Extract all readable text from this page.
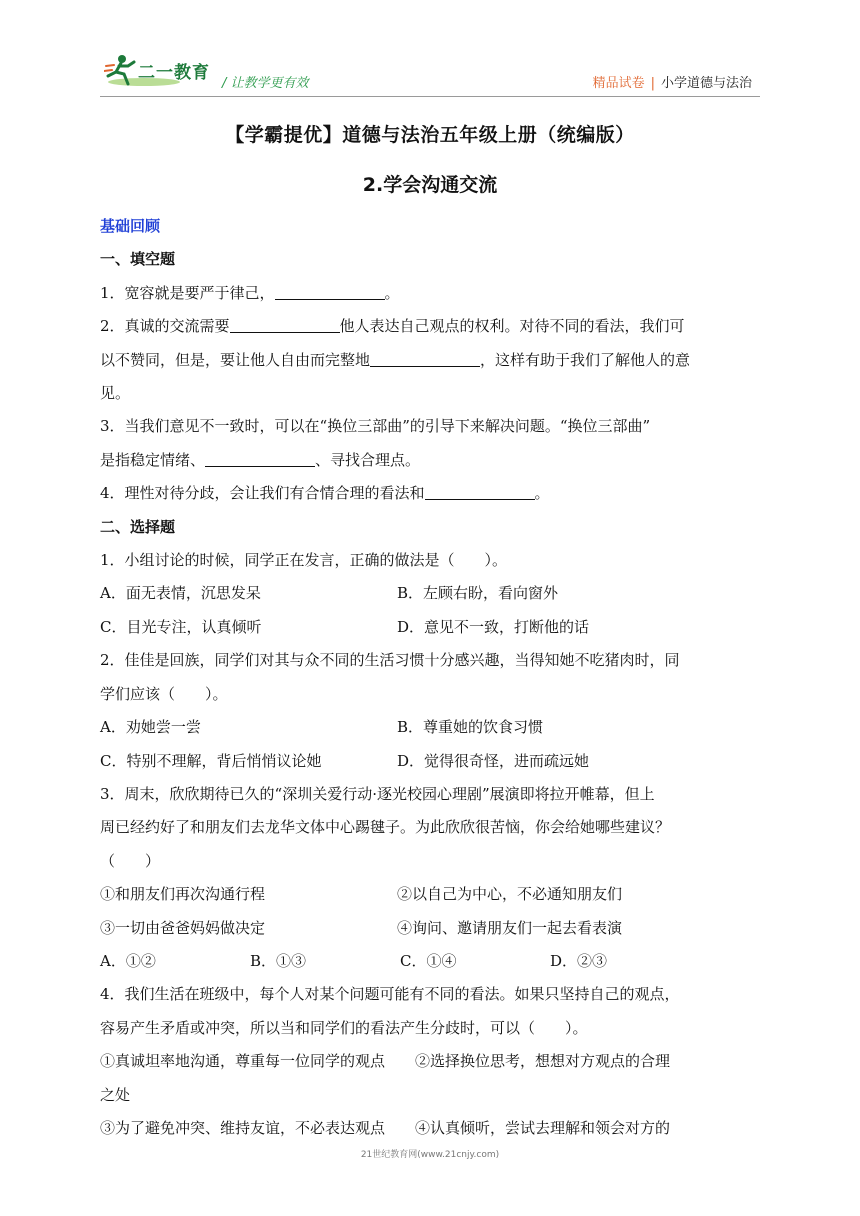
二一教育
/ 让教学更有效	精品试卷 | 小学道德与法治
【学霸提优】道德与法治五年级上册（统编版）
2.学会沟通交流

基础回顾

一、填空题

1．宽容就是要严于律己，	。

2．真诚的交流需要	他人表达自己观点的权利。对待不同的看法，我们可

以不赞同，但是，要让他人自由而完整地	，这样有助于我们了解他人的意

见。

3．当我们意见不一致时，可以在“换位三部曲”的引导下来解决问题。“换位三部曲”

是指稳定情绪、	、寻找合理点。

4．理性对待分歧，会让我们有合情合理的看法和	。

二、选择题

1．小组讨论的时候，同学正在发言，正确的做法是（　　）。

A．面无表情，沉思发呆	B．左顾右盼，看向窗外
C．目光专注，认真倾听	D．意见不一致，打断他的话

2．佳佳是回族，同学们对其与众不同的生活习惯十分感兴趣，当得知她不吃猪肉时，同

学们应该（　　）。

A．劝她尝一尝	B．尊重她的饮食习惯
C．特别不理解，背后悄悄议论她	D．觉得很奇怪，进而疏远她

3．周末，欣欣期待已久的“深圳关爱行动·逐光校园心理剧”展演即将拉开帷幕，但上

周已经约好了和朋友们去龙华文体中心踢毽子。为此欣欣很苦恼，你会给她哪些建议？

（　　）

①和朋友们再次沟通行程	②以自己为中心，不必通知朋友们
③一切由爸爸妈妈做决定	④询问、邀请朋友们一起去看表演
A．①②	B．①③	C．①④	D．②③

4．我们生活在班级中，每个人对某个问题可能有不同的看法。如果只坚持自己的观点，

容易产生矛盾或冲突，所以当和同学们的看法产生分歧时，可以（　　）。

①真诚坦率地沟通，尊重每一位同学的观点　　②选择换位思考，想想对方观点的合理

之处

③为了避免冲突、维持友谊，不必表达观点　　④认真倾听，尝试去理解和领会对方的

21世纪教育网(www.21cnjy.com)
